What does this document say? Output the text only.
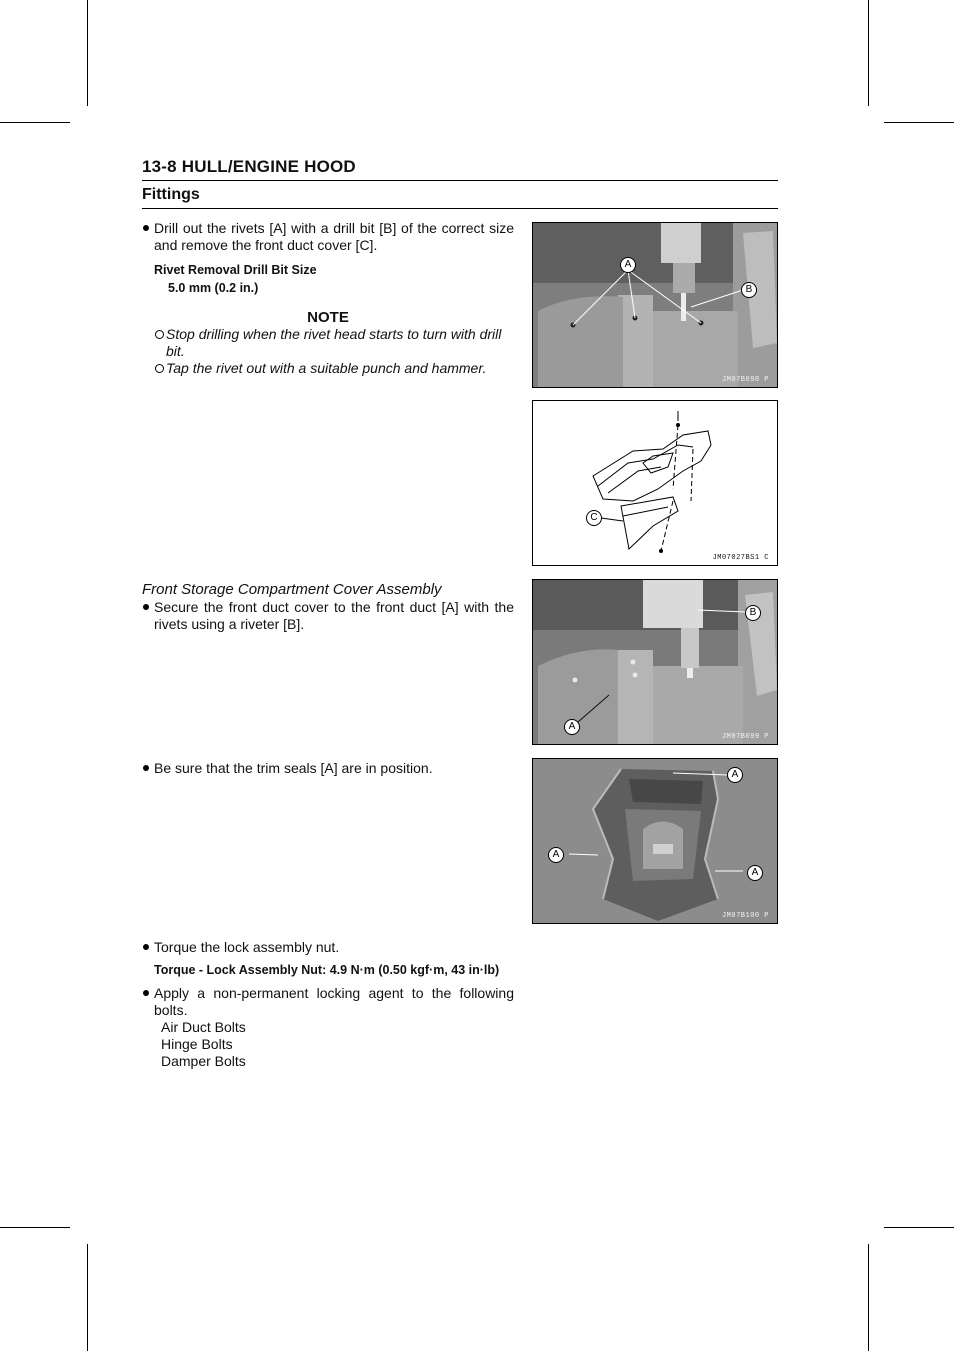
13-8 HULL/ENGINE HOOD
Fittings
Drill out the rivets [A] with a drill bit [B] of the correct size and remove the front duct cover [C].
Rivet Removal Drill Bit Size
5.0 mm (0.2 in.)
NOTE
Stop drilling when the rivet head starts to turn with drill bit.
Tap the rivet out with a suitable punch and hammer.
Front Storage Compartment Cover Assembly
Secure the front duct cover to the front duct [A] with the rivets using a riveter [B].
Be sure that the trim seals [A] are in position.
Torque the lock assembly nut.
Torque - Lock Assembly Nut: 4.9 N·m (0.50 kgf·m, 43 in·lb)
Apply a non-permanent locking agent to the following bolts.
Air Duct Bolts
Hinge Bolts
Damper Bolts
A
B
JM07B098 P
C
JM07027BS1 C
B
A
JM07B099 P
A
A
A
JM07B100 P
